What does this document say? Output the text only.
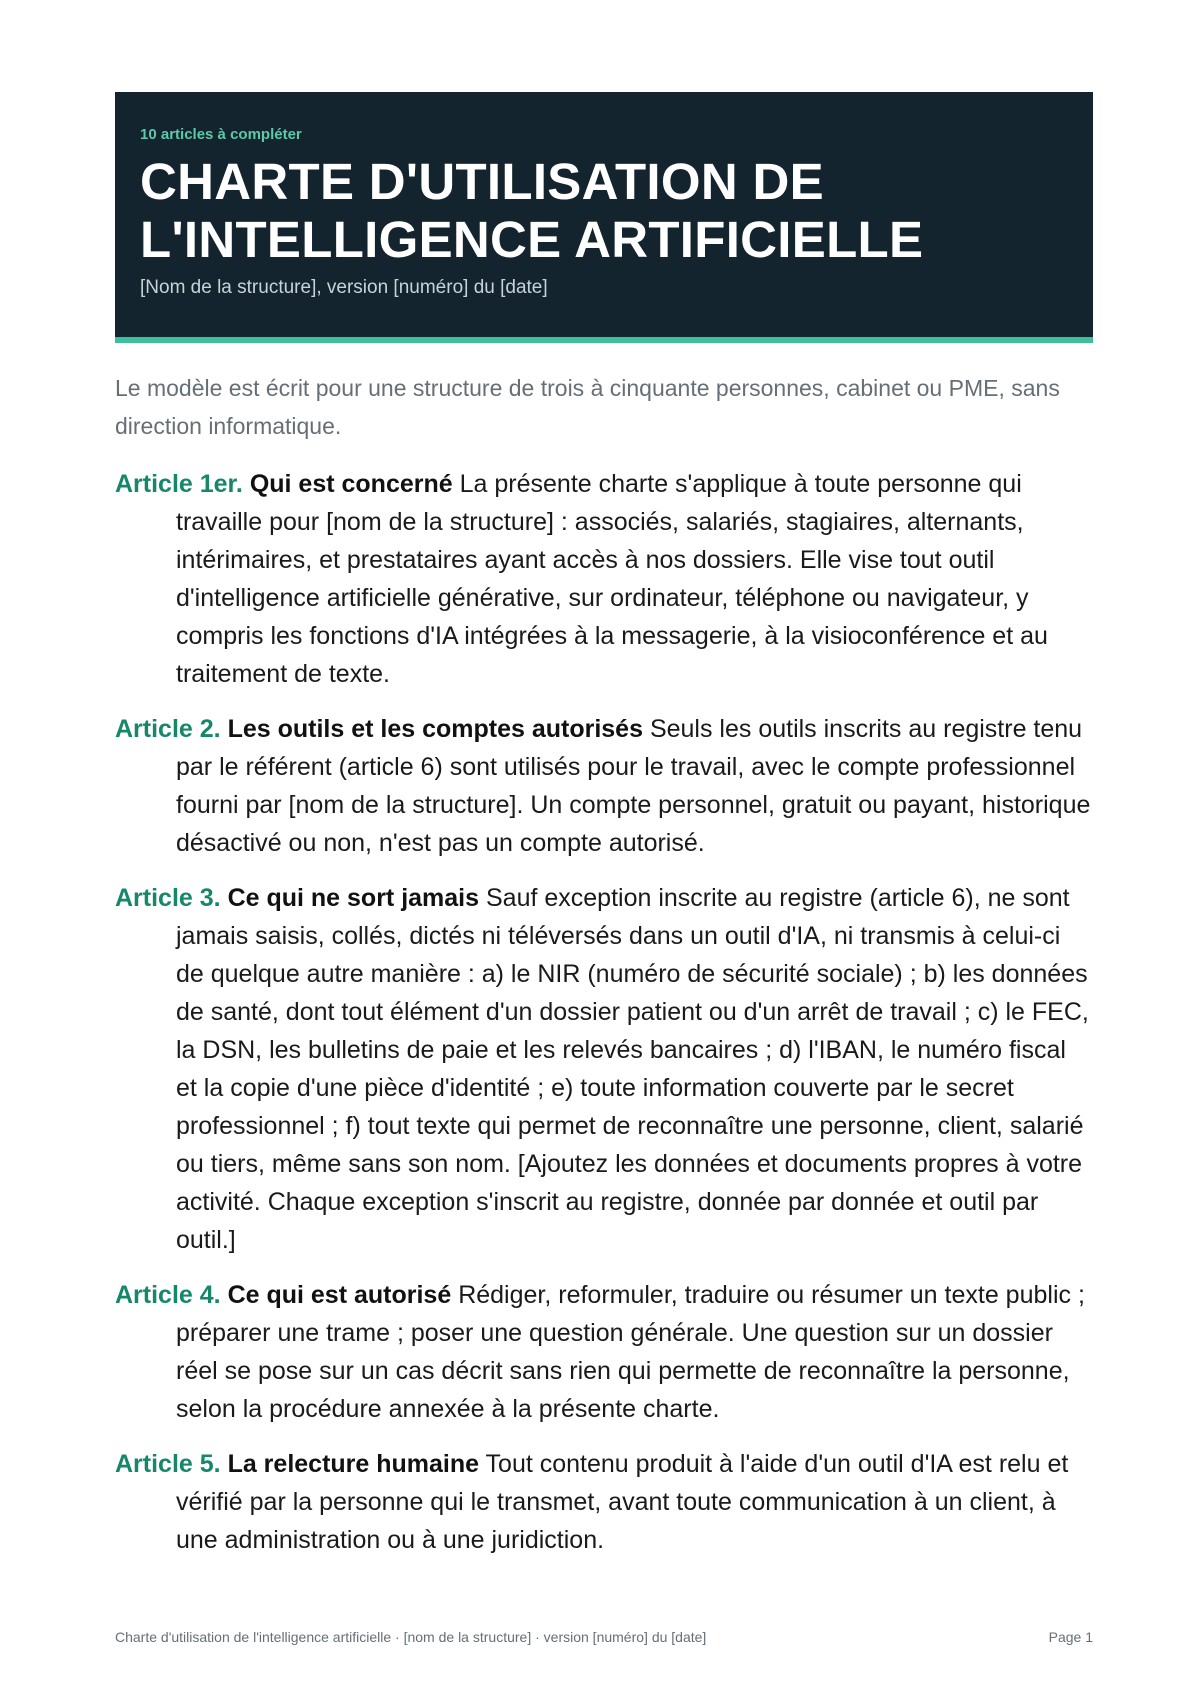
10 articles à compléter
CHARTE D'UTILISATION DE
L'INTELLIGENCE ARTIFICIELLE
[Nom de la structure], version [numéro] du [date]

Le modèle est écrit pour une structure de trois à cinquante personnes, cabinet ou PME, sans direction informatique.

Article 1er. Qui est concerné La présente charte s'applique à toute personne qui travaille pour [nom de la structure] : associés, salariés, stagiaires, alternants, intérimaires, et prestataires ayant accès à nos dossiers. Elle vise tout outil d'intelligence artificielle générative, sur ordinateur, téléphone ou navigateur, y compris les fonctions d'IA intégrées à la messagerie, à la visioconférence et au traitement de texte.

Article 2. Les outils et les comptes autorisés Seuls les outils inscrits au registre tenu par le référent (article 6) sont utilisés pour le travail, avec le compte professionnel fourni par [nom de la structure]. Un compte personnel, gratuit ou payant, historique désactivé ou non, n'est pas un compte autorisé.

Article 3. Ce qui ne sort jamais Sauf exception inscrite au registre (article 6), ne sont jamais saisis, collés, dictés ni téléversés dans un outil d'IA, ni transmis à celui-ci de quelque autre manière : a) le NIR (numéro de sécurité sociale) ; b) les données de santé, dont tout élément d'un dossier patient ou d'un arrêt de travail ; c) le FEC, la DSN, les bulletins de paie et les relevés bancaires ; d) l'IBAN, le numéro fiscal et la copie d'une pièce d'identité ; e) toute information couverte par le secret professionnel ; f) tout texte qui permet de reconnaître une personne, client, salarié ou tiers, même sans son nom. [Ajoutez les données et documents propres à votre activité. Chaque exception s'inscrit au registre, donnée par donnée et outil par outil.]

Article 4. Ce qui est autorisé Rédiger, reformuler, traduire ou résumer un texte public ; préparer une trame ; poser une question générale. Une question sur un dossier réel se pose sur un cas décrit sans rien qui permette de reconnaître la personne, selon la procédure annexée à la présente charte.

Article 5. La relecture humaine Tout contenu produit à l'aide d'un outil d'IA est relu et vérifié par la personne qui le transmet, avant toute communication à un client, à une administration ou à une juridiction.

Charte d'utilisation de l'intelligence artificielle · [nom de la structure] · version [numéro] du [date]	Page 1
